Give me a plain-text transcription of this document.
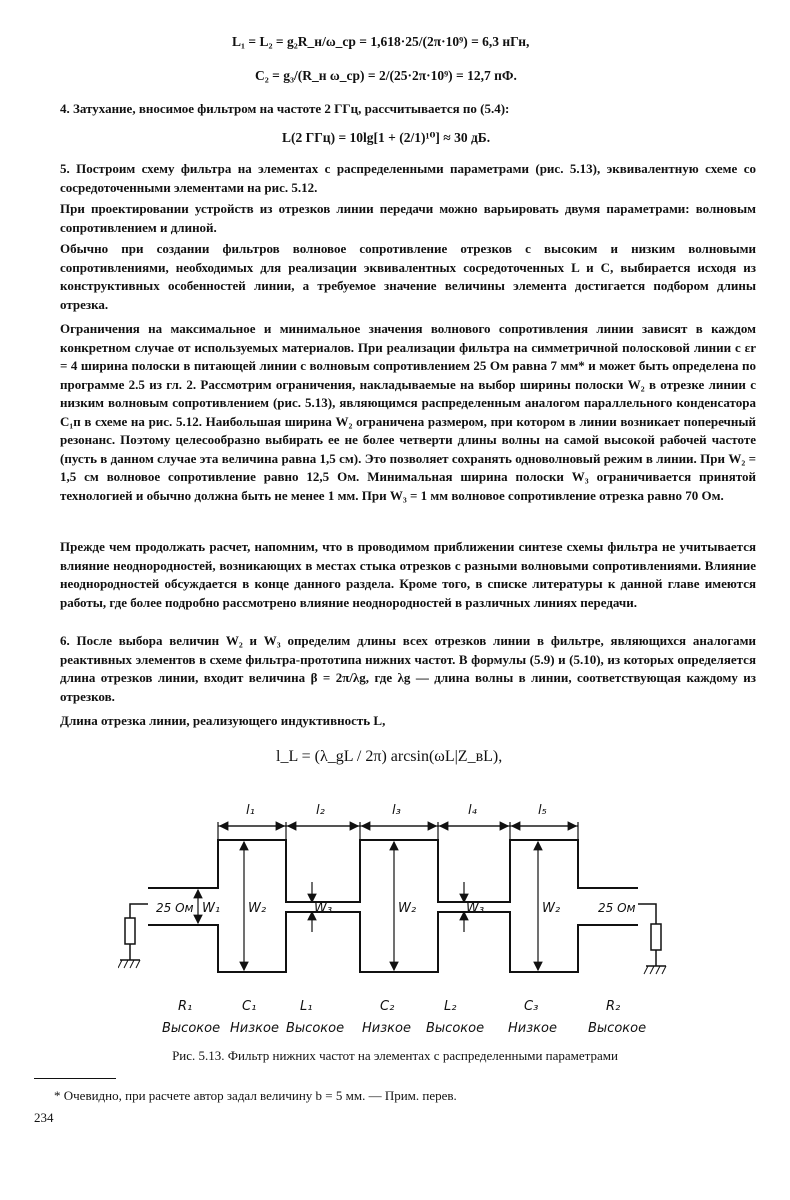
L₁ = L₂ = g₂R_н/ω_ср = 1,618·25/(2π·10⁹) = 6,3 нГн,
C₂ = g₃/(R_н ω_ср) = 2/(25·2π·10⁹) = 12,7 пФ.
4. Затухание, вносимое фильтром на частоте 2 ГГц, рассчитывается по (5.4):
L(2 ГГц) = 10lg[1 + (2/1)¹⁰] ≈ 30 дБ.
5. Построим схему фильтра на элементах с распределенными параметрами (рис. 5.13), эквивалентную схеме со сосредоточенными элементами на рис. 5.12.
При проектировании устройств из отрезков линии передачи можно варьировать двумя параметрами: волновым сопротивлением и длиной.
Обычно при создании фильтров волновое сопротивление отрезков с высоким и низким волновыми сопротивлениями, необходимых для реализации эквивалентных сосредоточенных L и C, выбирается исходя из конструктивных особенностей линии, а требуемое значение величины элемента достигается подбором длины отрезка.
Ограничения на максимальное и минимальное значения волнового сопротивления линии зависят в каждом конкретном случае от используемых материалов. При реализации фильтра на симметричной полосковой линии с εr = 4 ширина полоски в питающей линии с волновым сопротивлением 25 Ом равна 7 мм* и может быть определена по программе 2.5 из гл. 2. Рассмотрим ограничения, накладываемые на выбор ширины полоски W₂ в отрезке линии с низким волновым сопротивлением (рис. 5.13), являющимся распределенным аналогом параллельного конденсатора C₁п в схеме на рис. 5.12. Наибольшая ширина W₂ ограничена размером, при котором в линии возникает поперечный резонанс. Поэтому целесообразно выбирать ее не более четверти длины волны на самой высокой рабочей частоте (пусть в данном случае эта величина равна 1,5 см). Это позволяет сохранять одноволновый режим в линии. При W₂ = 1,5 см волновое сопротивление равно 12,5 Ом. Минимальная ширина полоски W₃ ограничивается принятой технологией и обычно должна быть не менее 1 мм. При W₃ = 1 мм волновое сопротивление отрезка равно 70 Ом.
Прежде чем продолжать расчет, напомним, что в проводимом приближении синтезе схемы фильтра не учитывается влияние неоднородностей, возникающих в местах стыка отрезков с разными волновыми сопротивлениями. Влияние неоднородностей обсуждается в конце данного раздела. Кроме того, в списке литературы к данной главе имеются работы, где более подробно рассмотрено влияние неоднородностей в различных линиях передачи.
6. После выбора величин W₂ и W₃ определим длины всех отрезков линии в фильтре, являющихся аналогами реактивных элементов в схеме фильтра-прототипа нижних частот. В формулы (5.9) и (5.10), из которых определяется длина отрезков линии, входит величина β = 2π/λg, где λg — длина волны в линии, соответствующая каждому из отрезков.
Длина отрезка линии, реализующего индуктивность L,
l_L = (λ_gL / 2π) arcsin(ωL|Z_вL),
l₁	l₂	l₃	l₄	l₅
W₁ W₂	W₂	W₂
W₃	W₃
25 Ом	25 Ом
R₁	C₁	L₁	C₂	L₂	C₃	R₂
Высокое Низкое Высокое Низкое Высокое Низкое Высокое
Рис. 5.13. Фильтр нижних частот на элементах с распределенными параметрами
* Очевидно, при расчете автор задал величину b = 5 мм. — Прим. перев.
234
